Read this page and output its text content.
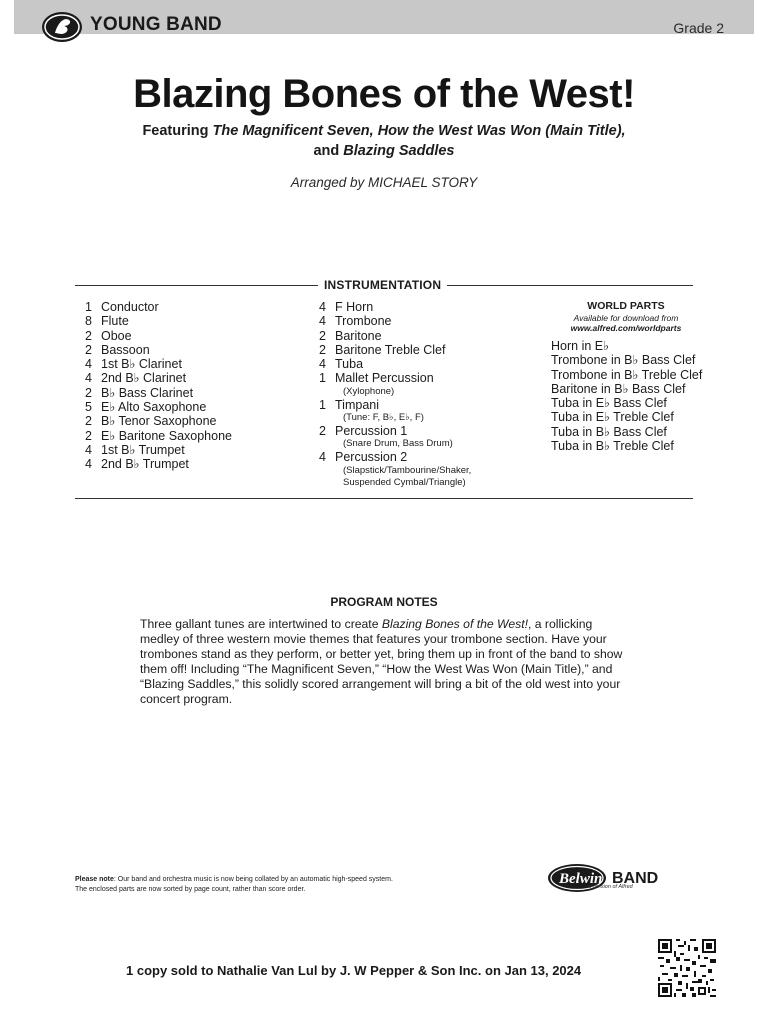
YOUNG BAND	Grade 2
Blazing Bones of the West!
Featuring The Magnificent Seven, How the West Was Won (Main Title),
and Blazing Saddles
Arranged by MICHAEL STORY
INSTRUMENTATION
1 Conductor
8 Flute
2 Oboe
2 Bassoon
4 1st B♭ Clarinet
4 2nd B♭ Clarinet
2 B♭ Bass Clarinet
5 E♭ Alto Saxophone
2 B♭ Tenor Saxophone
2 E♭ Baritone Saxophone
4 1st B♭ Trumpet
4 2nd B♭ Trumpet
4 F Horn
4 Trombone
2 Baritone
2 Baritone Treble Clef
4 Tuba
1 Mallet Percussion
(Xylophone)
1 Timpani
(Tune: F, B♭, E♭, F)
2 Percussion 1
(Snare Drum, Bass Drum)
4 Percussion 2
(Slapstick/Tambourine/Shaker,
Suspended Cymbal/Triangle)
WORLD PARTS
Available for download from
www.alfred.com/worldparts
Horn in E♭
Trombone in B♭ Bass Clef
Trombone in B♭ Treble Clef
Baritone in B♭ Bass Clef
Tuba in E♭ Bass Clef
Tuba in E♭ Treble Clef
Tuba in B♭ Bass Clef
Tuba in B♭ Treble Clef
PROGRAM NOTES
Three gallant tunes are intertwined to create Blazing Bones of the West!, a rollicking medley of three western movie themes that features your trombone section. Have your trombones stand as they perform, or better yet, bring them up in front of the band to show them off! Including “The Magnificent Seven,” “How the West Was Won (Main Title),” and “Blazing Saddles,” this solidly scored arrangement will bring a bit of the old west into your concert program.
Please note: Our band and orchestra music is now being collated by an automatic high-speed system.
The enclosed parts are now sorted by page count, rather than score order.
Belwin BAND
a division of Alfred
1 copy sold to Nathalie Van Lul by J. W Pepper & Son Inc. on Jan 13, 2024
